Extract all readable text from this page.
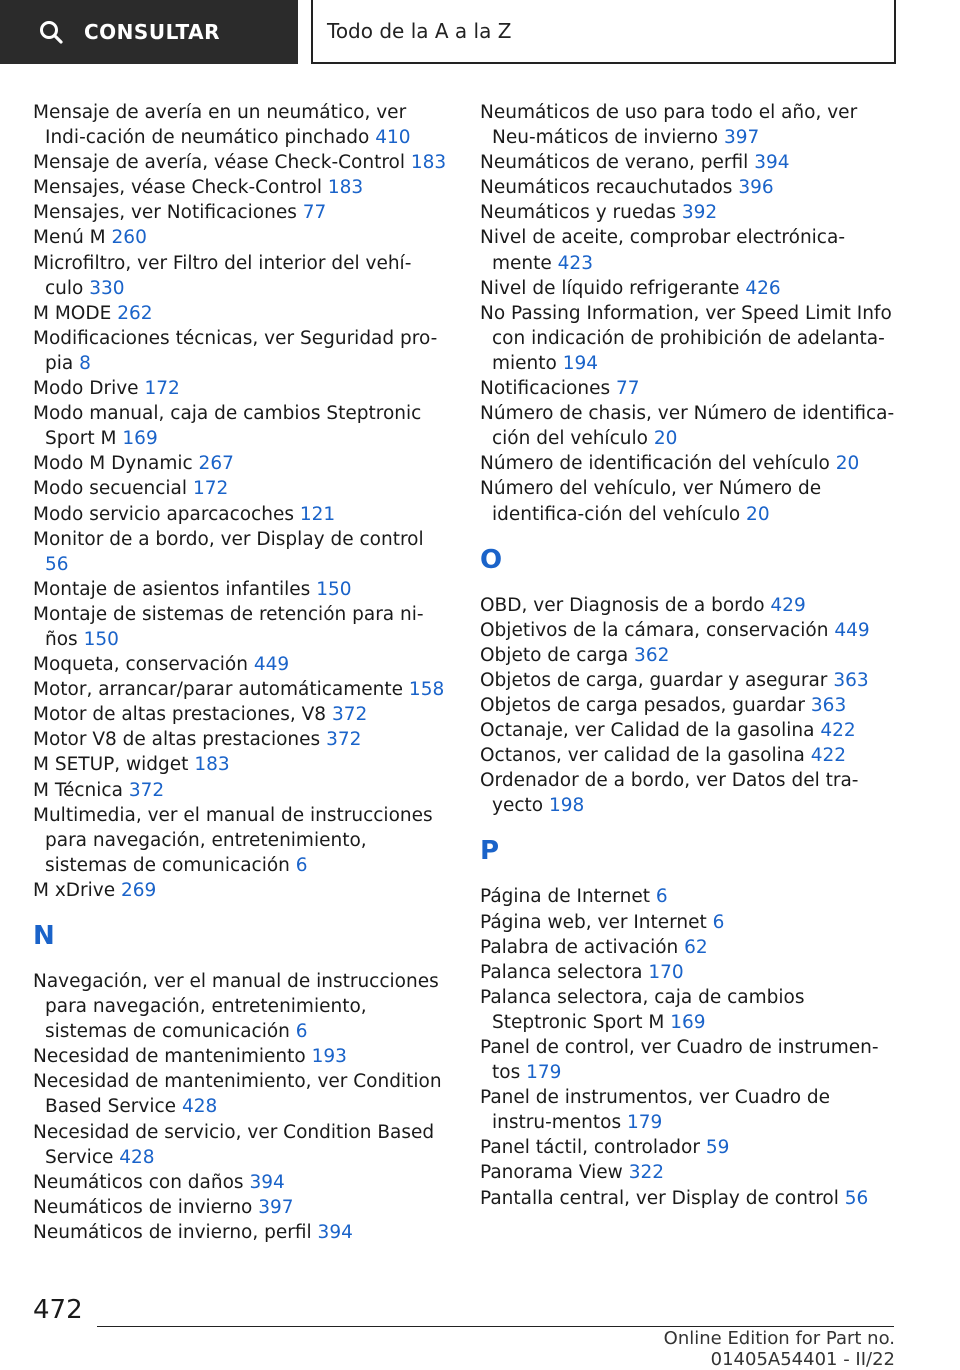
CONSULTAR	Todo de la A a la Z

Mensaje de avería en un neumático, ver Indi-cación de neumático pinchado 410

Mensaje de avería, véase Check-Control 183

Mensajes, véase Check-Control 183

Mensajes, ver Notificaciones 77

Menú M 260

Microfiltro, ver Filtro del interior del vehí-culo 330

M MODE 262

Modificaciones técnicas, ver Seguridad pro-pia 8

Modo Drive 172

Modo manual, caja de cambios Steptronic Sport M 169

Modo M Dynamic 267

Modo secuencial 172

Modo servicio aparcacoches 121

Monitor de a bordo, ver Display de control 56

Montaje de asientos infantiles 150

Montaje de sistemas de retención para ni-ños 150

Moqueta, conservación 449

Motor, arrancar/parar automáticamente 158

Motor de altas prestaciones, V8 372

Motor V8 de altas prestaciones 372

M SETUP, widget 183

M Técnica 372

Multimedia, ver el manual de instrucciones para navegación, entretenimiento, sistemas de comunicación 6

M xDrive 269

N

Navegación, ver el manual de instrucciones para navegación, entretenimiento, sistemas de comunicación 6

Necesidad de mantenimiento 193

Necesidad de mantenimiento, ver Condition Based Service 428

Necesidad de servicio, ver Condition Based Service 428

Neumáticos con daños 394

Neumáticos de invierno 397

Neumáticos de invierno, perfil 394

Neumáticos de uso para todo el año, ver Neu-máticos de invierno 397

Neumáticos de verano, perfil 394

Neumáticos recauchutados 396

Neumáticos y ruedas 392

Nivel de aceite, comprobar electrónica-mente 423

Nivel de líquido refrigerante 426

No Passing Information, ver Speed Limit Info con indicación de prohibición de adelanta-miento 194

Notificaciones 77

Número de chasis, ver Número de identifica-ción del vehículo 20

Número de identificación del vehículo 20

Número del vehículo, ver Número de identifica-ción del vehículo 20

O

OBD, ver Diagnosis de a bordo 429

Objetivos de la cámara, conservación 449

Objeto de carga 362

Objetos de carga, guardar y asegurar 363

Objetos de carga pesados, guardar 363

Octanaje, ver Calidad de la gasolina 422

Octanos, ver calidad de la gasolina 422

Ordenador de a bordo, ver Datos del tra-yecto 198

P

Página de Internet 6

Página web, ver Internet 6

Palabra de activación 62

Palanca selectora 170

Palanca selectora, caja de cambios Steptronic Sport M 169

Panel de control, ver Cuadro de instrumen-tos 179

Panel de instrumentos, ver Cuadro de instru-mentos 179

Panel táctil, controlador 59

Panorama View 322

Pantalla central, ver Display de control 56

472
Online Edition for Part no. 01405A54401 - II/22
